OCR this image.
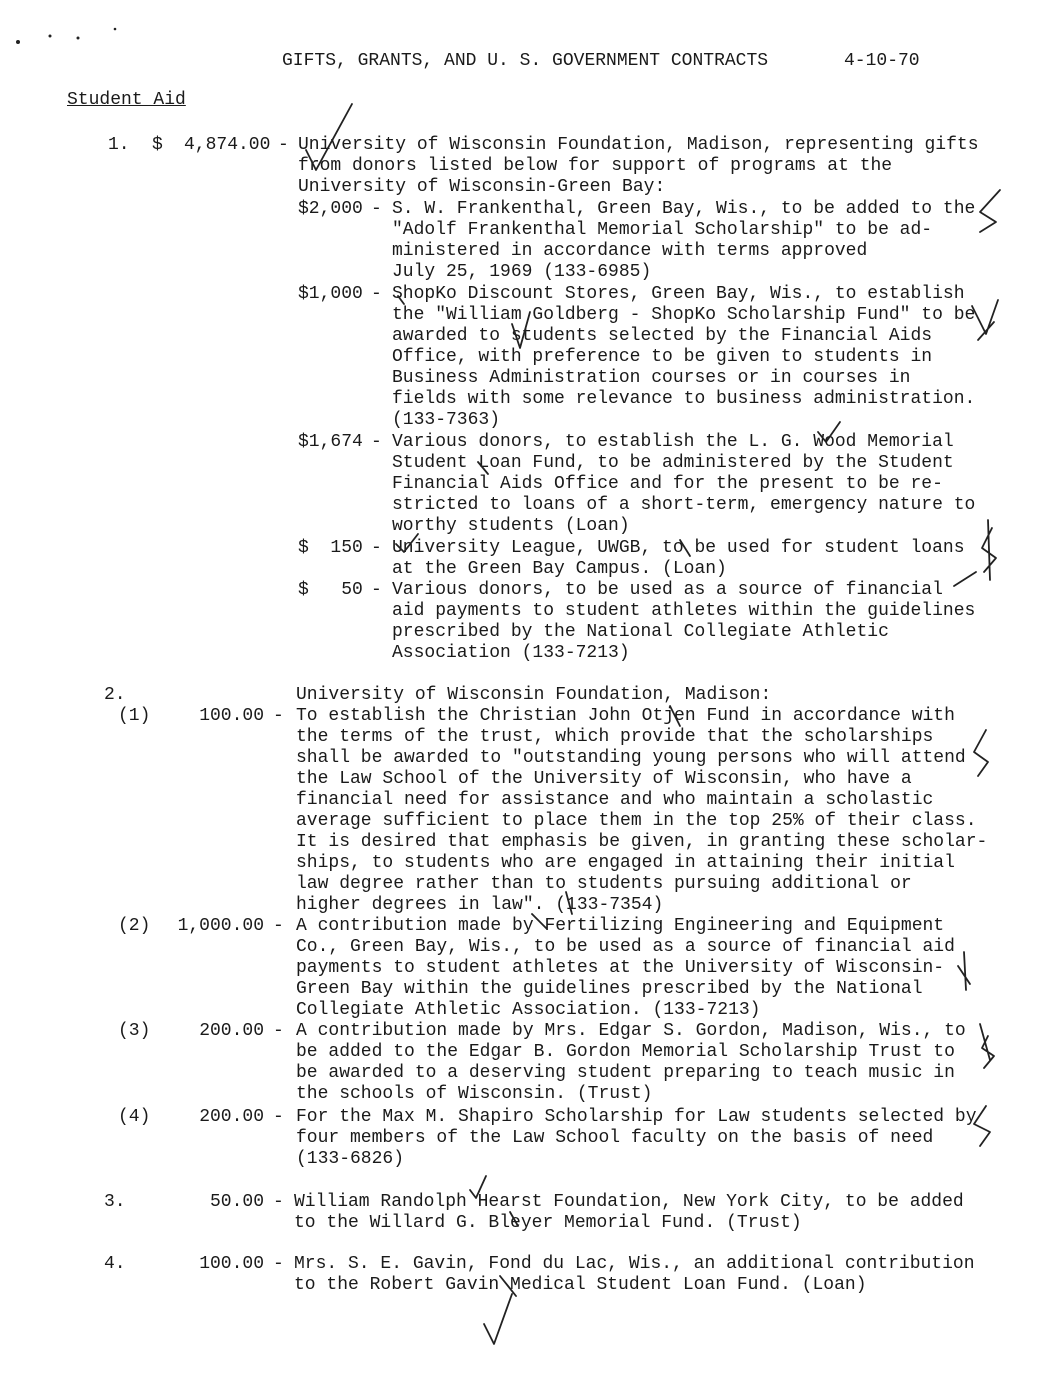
GIFTS, GRANTS, AND U. S. GOVERNMENT CONTRACTS	4-10-70
Student Aid
1. $ 4,874.00 - University of Wisconsin Foundation, Madison, representing gifts
from donors listed below for support of programs at the
University of Wisconsin-Green Bay:
$2,000 - S. W. Frankenthal, Green Bay, Wis., to be added to the
"Adolf Frankenthal Memorial Scholarship" to be ad-
ministered in accordance with terms approved
July 25, 1969 (133-6985)
$1,000 - ShopKo Discount Stores, Green Bay, Wis., to establish
the "William Goldberg - ShopKo Scholarship Fund" to be
awarded to students selected by the Financial Aids
Office, with preference to be given to students in
Business Administration courses or in courses in
fields with some relevance to business administration.
(133-7363)
$1,674 - Various donors, to establish the L. G. Wood Memorial
Student Loan Fund, to be administered by the Student
Financial Aids Office and for the present to be re-
stricted to loans of a short-term, emergency nature to
worthy students (Loan)
$  150 - University League, UWGB, to be used for student loans
at the Green Bay Campus. (Loan)
$   50 - Various donors, to be used as a source of financial
aid payments to student athletes within the guidelines
prescribed by the National Collegiate Athletic
Association (133-7213)
2.	University of Wisconsin Foundation, Madison:
(1)	100.00 - To establish the Christian John Otjen Fund in accordance with
the terms of the trust, which provide that the scholarships
shall be awarded to "outstanding young persons who will attend
the Law School of the University of Wisconsin, who have a
financial need for assistance and who maintain a scholastic
average sufficient to place them in the top 25% of their class.
It is desired that emphasis be given, in granting these scholar-
ships, to students who are engaged in attaining their initial
law degree rather than to students pursuing additional or
higher degrees in law". (133-7354)
(2)	1,000.00 - A contribution made by Fertilizing Engineering and Equipment
Co., Green Bay, Wis., to be used as a source of financial aid
payments to student athletes at the University of Wisconsin-
Green Bay within the guidelines prescribed by the National
Collegiate Athletic Association. (133-7213)
(3)	200.00 - A contribution made by Mrs. Edgar S. Gordon, Madison, Wis., to
be added to the Edgar B. Gordon Memorial Scholarship Trust to
be awarded to a deserving student preparing to teach music in
the schools of Wisconsin. (Trust)
(4)	200.00 - For the Max M. Shapiro Scholarship for Law students selected by
four members of the Law School faculty on the basis of need
(133-6826)
3.	50.00 - William Randolph Hearst Foundation, New York City, to be added
to the Willard G. Bleyer Memorial Fund. (Trust)
4.	100.00 - Mrs. S. E. Gavin, Fond du Lac, Wis., an additional contribution
to the Robert Gavin Medical Student Loan Fund. (Loan)
